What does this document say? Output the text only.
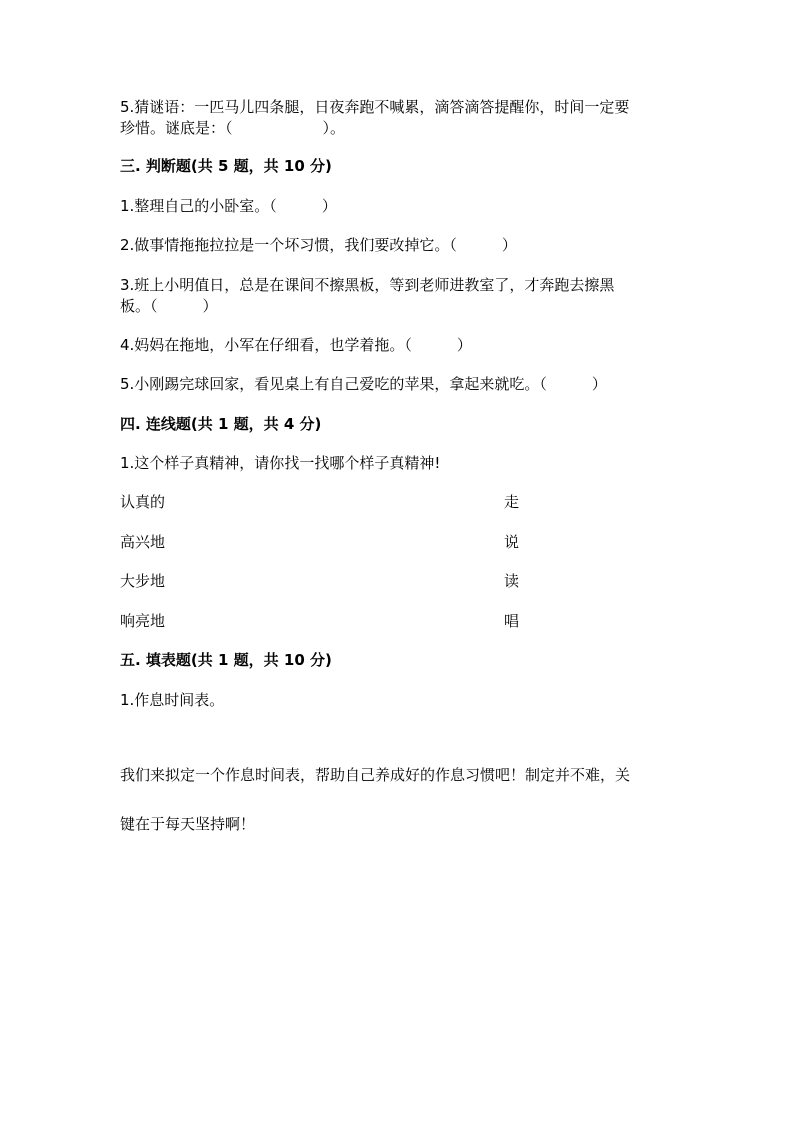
5.猜谜语：一匹马儿四条腿，日夜奔跑不喊累，滴答滴答提醒你，时间一定要
珍惜。谜底是：（　　　　　　）。
三. 判断题(共 5 题，共 10 分)
1.整理自己的小卧室。（　　　）
2.做事情拖拖拉拉是一个坏习惯，我们要改掉它。（　　　）
3.班上小明值日，总是在课间不擦黑板，等到老师进教室了，才奔跑去擦黑
板。（　　　）
4.妈妈在拖地，小军在仔细看，也学着拖。（　　　）
5.小刚踢完球回家，看见桌上有自己爱吃的苹果，拿起来就吃。（　　　）
四. 连线题(共 1 题，共 4 分)
1.这个样子真精神，请你找一找哪个样子真精神!
认真的	走
高兴地	说
大步地	读
响亮地	唱
五. 填表题(共 1 题，共 10 分)
1.作息时间表。
我们来拟定一个作息时间表，帮助自己养成好的作息习惯吧！制定并不难，关
键在于每天坚持啊！
